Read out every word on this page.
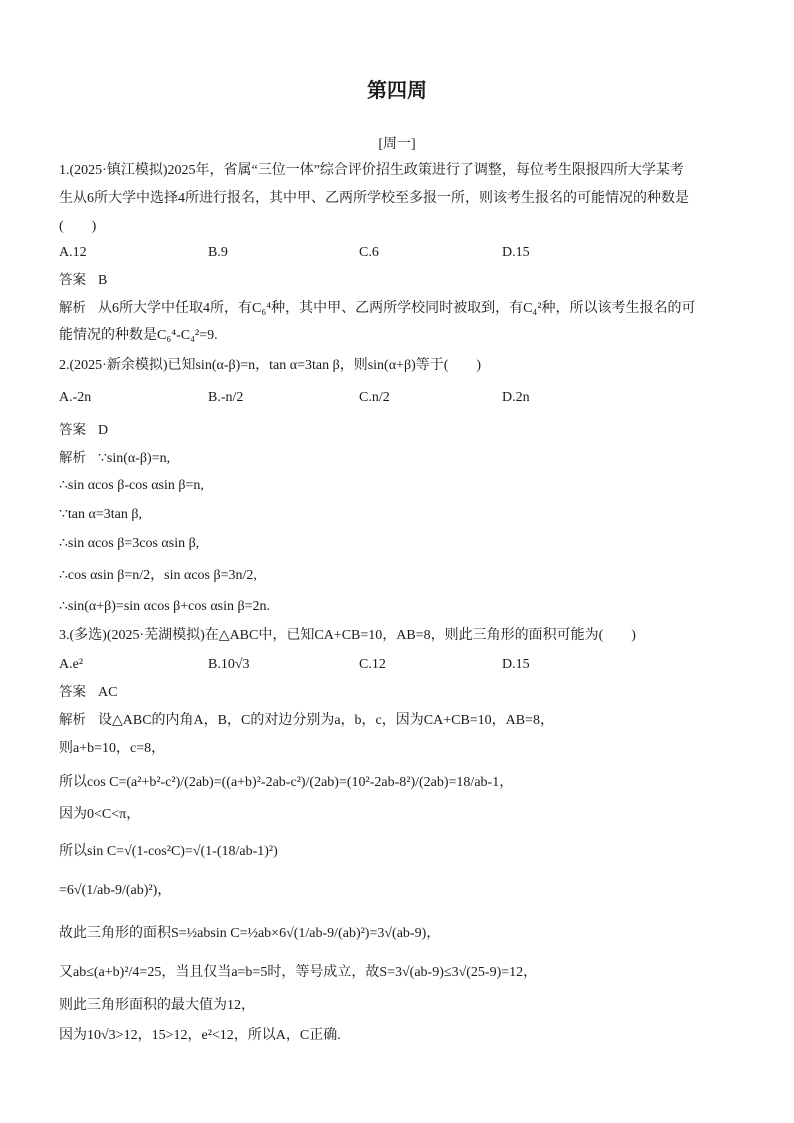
第四周
[周一]
1.(2025·镇江模拟)2025年，省属“三位一体”综合评价招生政策进行了调整，每位考生限报四所大学某考
生从6所大学中选择4所进行报名，其中甲、乙两所学校至多报一所，则该考生报名的可能情况的种数是
(　　)
A.12	B.9	C.6	D.15
答案 B
解析 从6所大学中任取4所，有C₆⁴种，其中甲、乙两所学校同时被取到，有C₄²种，所以该考生报名的可
能情况的种数是C₆⁴-C₄²=9.
2.(2025·新余模拟)已知sin(α-β)=n，tan α=3tan β，则sin(α+β)等于(　　)
A.-2n	B.-n/2	C.n/2	D.2n
答案 D
解析 ∵sin(α-β)=n,
∴sin αcos β-cos αsin β=n,
∵tan α=3tan β,
∴sin αcos β=3cos αsin β,
∴cos αsin β=n/2，sin αcos β=3n/2,
∴sin(α+β)=sin αcos β+cos αsin β=2n.
3.(多选)(2025·芜湖模拟)在△ABC中，已知CA+CB=10，AB=8，则此三角形的面积可能为(　　)
A.e²	B.10√3	C.12	D.15
答案 AC
解析 设△ABC的内角A，B，C的对边分别为a，b，c，因为CA+CB=10，AB=8，
则a+b=10，c=8，
所以cos C=(a²+b²-c²)/(2ab)=((a+b)²-2ab-c²)/(2ab)=(10²-2ab-8²)/(2ab)=18/ab-1，
因为0<C<π，
所以sin C=√(1-cos²C)=√(1-(18/ab-1)²)
=6√(1/ab-9/(ab)²)，
故此三角形的面积S=½absin C=½ab×6√(1/ab-9/(ab)²)=3√(ab-9)，
又ab≤(a+b)²/4=25，当且仅当a=b=5时，等号成立，故S=3√(ab-9)≤3√(25-9)=12，
则此三角形面积的最大值为12，
因为10√3>12，15>12，e²<12，所以A，C正确.
